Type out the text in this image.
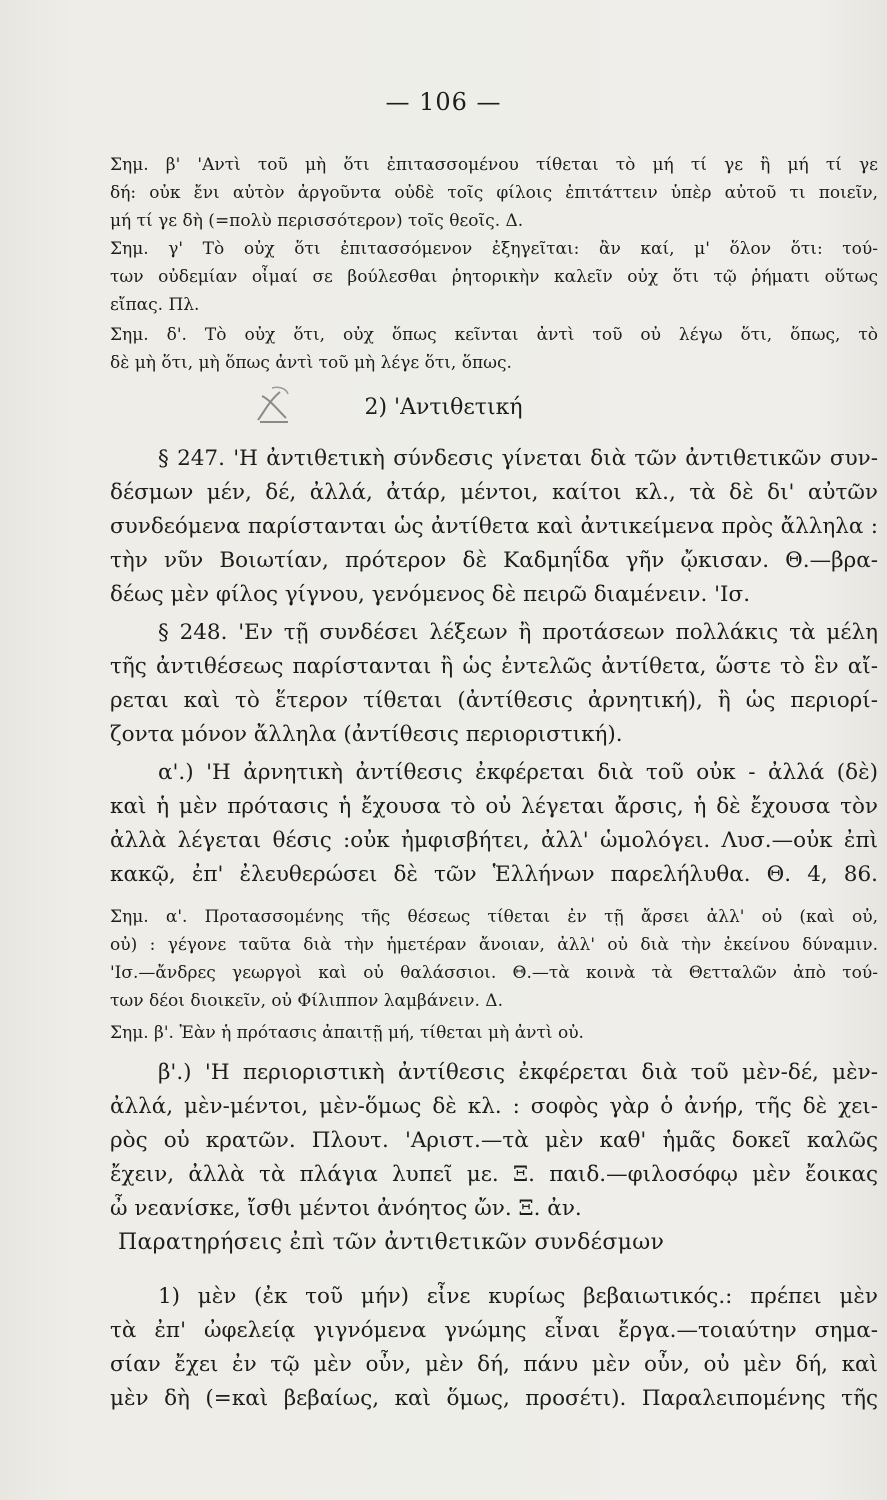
— 106 —
Σημ. β' 'Αντὶ τοῦ μὴ ὅτι ἐπιτασσομένου τίθεται τὸ μή τί γε ἢ μή τί γε
δή: οὐκ ἔνι αὐτὸν ἀργοῦντα οὐδὲ τοῖς φίλοις ἐπιτάττειν ὑπὲρ αὐτοῦ τι ποιεῖν,
μή τί γε δὴ (=πολὺ περισσότερον) τοῖς θεοῖς. Δ.
Σημ. γ' Τὸ οὐχ ὅτι ἐπιτασσόμενον ἐξηγεῖται: ἂν καί, μ' ὅλον ὅτι: τού-
των οὐδεμίαν οἶμαί σε βούλεσθαι ῥητορικὴν καλεῖν οὐχ ὅτι τῷ ῥήματι οὕτως
εἴπας. Πλ.
Σημ. δ'. Τὸ οὐχ ὅτι, οὐχ ὅπως κεῖνται ἀντὶ τοῦ οὐ λέγω ὅτι, ὅπως, τὸ
δὲ μὴ ὅτι, μὴ ὅπως ἀντὶ τοῦ μὴ λέγε ὅτι, ὅπως.
2) 'Αντιθετική
§ 247. 'Η ἀντιθετικὴ σύνδεσις γίνεται διὰ τῶν ἀντιθετικῶν συν-
δέσμων μέν, δέ, ἀλλά, ἀτάρ, μέντοι, καίτοι κλ., τὰ δὲ δι' αὐτῶν
συνδεόμενα παρίστανται ὡς ἀντίθετα καὶ ἀντικείμενα πρὸς ἄλληλα :
τὴν νῦν Βοιωτίαν, πρότερον δὲ Καδμηΐδα γῆν ᾤκισαν. Θ.—βρα-
δέως μὲν φίλος γίγνου, γενόμενος δὲ πειρῶ διαμένειν. 'Ισ.
§ 248. 'Εν τῇ συνδέσει λέξεων ἢ προτάσεων πολλάκις τὰ μέλη
τῆς ἀντιθέσεως παρίστανται ἢ ὡς ἐντελῶς ἀντίθετα, ὥστε τὸ ἓν αἴ-
ρεται καὶ τὸ ἕτερον τίθεται (ἀντίθεσις ἀρνητική), ἢ ὡς περιορί-
ζοντα μόνον ἄλληλα (ἀντίθεσις περιοριστική).
α'.) 'Η ἀρνητικὴ ἀντίθεσις ἐκφέρεται διὰ τοῦ οὐκ - ἀλλά (δὲ)
καὶ ἡ μὲν πρότασις ἡ ἔχουσα τὸ οὐ λέγεται ἄρσις, ἡ δὲ ἔχουσα τὸν
ἀλλὰ λέγεται θέσις :οὐκ ἠμφισβήτει, ἀλλ' ὡμολόγει. Λυσ.—οὐκ ἐπὶ
κακῷ, ἐπ' ἐλευθερώσει δὲ τῶν Ἑλλήνων παρελήλυθα. Θ. 4, 86.
Σημ. α'. Προτασσομένης τῆς θέσεως τίθεται ἐν τῇ ἄρσει ἀλλ' οὐ (καὶ οὐ,
οὐ) : γέγονε ταῦτα διὰ τὴν ἡμετέραν ἄνοιαν, ἀλλ' οὐ διὰ τὴν ἐκείνου δύναμιν.
'Ισ.—ἄνδρες γεωργοὶ καὶ οὐ θαλάσσιοι. Θ.—τὰ κοινὰ τὰ Θετταλῶν ἀπὸ τού-
των δέοι διοικεῖν, οὐ Φίλιππον λαμβάνειν. Δ.
Σημ. β'. Ἐὰν ἡ πρότασις ἀπαιτῇ μή, τίθεται μὴ ἀντὶ οὐ.
β'.) 'Η περιοριστικὴ ἀντίθεσις ἐκφέρεται διὰ τοῦ μὲν-δέ, μὲν-
ἀλλά, μὲν-μέντοι, μὲν-ὅμως δὲ κλ. : σοφὸς γὰρ ὁ ἀνήρ, τῆς δὲ χει-
ρὸς οὐ κρατῶν. Πλουτ. 'Αριστ.—τὰ μὲν καθ' ἡμᾶς δοκεῖ καλῶς
ἔχειν, ἀλλὰ τὰ πλάγια λυπεῖ με. Ξ. παιδ.—φιλοσόφῳ μὲν ἔοικας
ὦ νεανίσκε, ἴσθι μέντοι ἀνόητος ὤν. Ξ. ἀν.
Παρατηρήσεις ἐπὶ τῶν ἀντιθετικῶν συνδέσμων
1) μὲν (ἐκ τοῦ μήν) εἶνε κυρίως βεβαιωτικός.: πρέπει μὲν
τὰ ἐπ' ὠφελείᾳ γιγνόμενα γνώμης εἶναι ἔργα.—τοιαύτην σημα-
σίαν ἔχει ἐν τῷ μὲν οὖν, μὲν δή, πάνυ μὲν οὖν, οὐ μὲν δή, καὶ
μὲν δὴ (=καὶ βεβαίως, καὶ ὅμως, προσέτι). Παραλειπομένης τῆς
